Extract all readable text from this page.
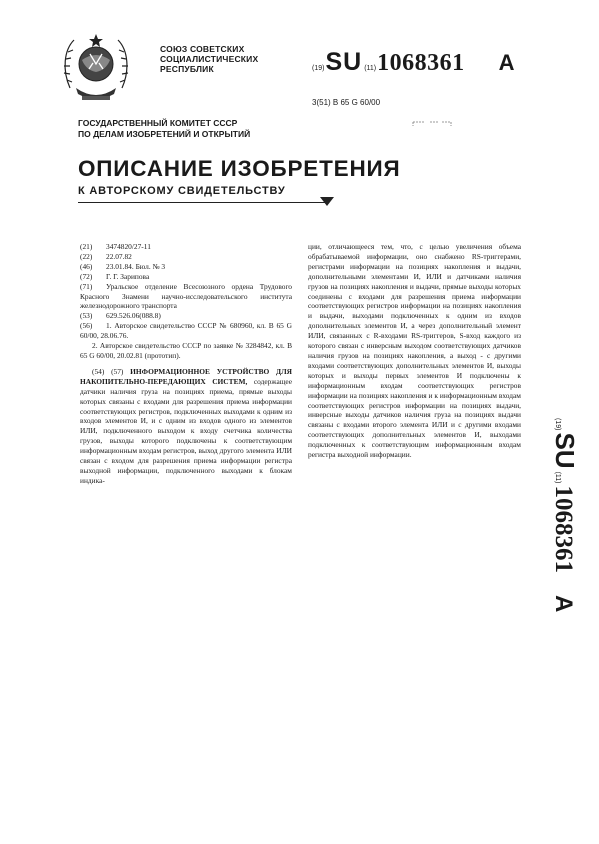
СОЮЗ СОВЕТСКИХ
СОЦИАЛИСТИЧЕСКИХ
РЕСПУБЛИК	(19) SU (11) 1068361 A
3(51) В 65 G 60/00
ГОСУДАРСТВЕННЫЙ КОМИТЕТ СССР
ПО ДЕЛАМ ИЗОБРЕТЕНИЙ И ОТКРЫТИЙ
ОПИСАНИЕ ИЗОБРЕТЕНИЯ
К АВТОРСКОМУ СВИДЕТЕЛЬСТВУ
(21) 3474820/27-11
(22) 22.07.82
(46) 23.01.84. Бюл. № 3
(72) Г. Г. Зарипова
(71) Уральское отделение Всесоюзного ордена Трудового Красного Знамени научно-исследовательского института железнодорожного транспорта
(53) 629.526.06(088.8)
(56) 1. Авторское свидетельство СССР № 680960, кл. В 65 G 60/00, 28.06.76.
2. Авторское свидетельство СССР по заявке № 3284842, кл. В 65 G 60/00, 20.02.81 (прототип).
(54) (57) ИНФОРМАЦИОННОЕ УСТРОЙСТВО ДЛЯ НАКОПИТЕЛЬНО-ПЕРЕДАЮЩИХ СИСТЕМ, содержащее датчики наличия груза на позициях приема, прямые выходы которых связаны с входами для разрешения приема информации соответствующих регистров, подключенных выходами к одним из входов элементов И, и с одним из входов одного из элементов ИЛИ, подключенного выходом к входу счетчика количества грузов, выходы которого подключены к соответствующим информационным входам регистров, выход другого элемента ИЛИ связан с входом для разрешения приема информации регистра выходной информации, подключенного выходами к блокам индика-
ции, отличающееся тем, что, с целью увеличения объема обрабатываемой информации, оно снабжено RS-триггерами, регистрами информации на позициях накопления и выдачи, дополнительными элементами И, ИЛИ и датчиками наличия грузов на позициях накопления и выдачи, прямые выходы которых соединены с входами для разрешения приема информации соответствующих регистров информации на позициях накопления и выдачи, выходами подключенных к одним из входов дополнительных элементов И, а через дополнительный элемент ИЛИ, связанных с R-входами RS-триггеров, S-вход каждого из которого связан с инверсным выходом соответствующих датчиков наличия грузов на позициях накопления, а выход - с другими входами соответствующих дополнительных элементов И, выходы которых и выходы первых элементов И подключены к информационным входам соответствующих регистров информации на позициях накопления и к информационным входам соответствующих регистров информации на позициях выдачи, инверсные выходы датчиков наличия груза на позициях выдачи связаны с входами второго элемента ИЛИ и с другими входами соответствующих дополнительных элементов И, выходами подключенных к соответствующим информационным входам регистра выходной информации.
(19)
SU
(11)
1068361
A
